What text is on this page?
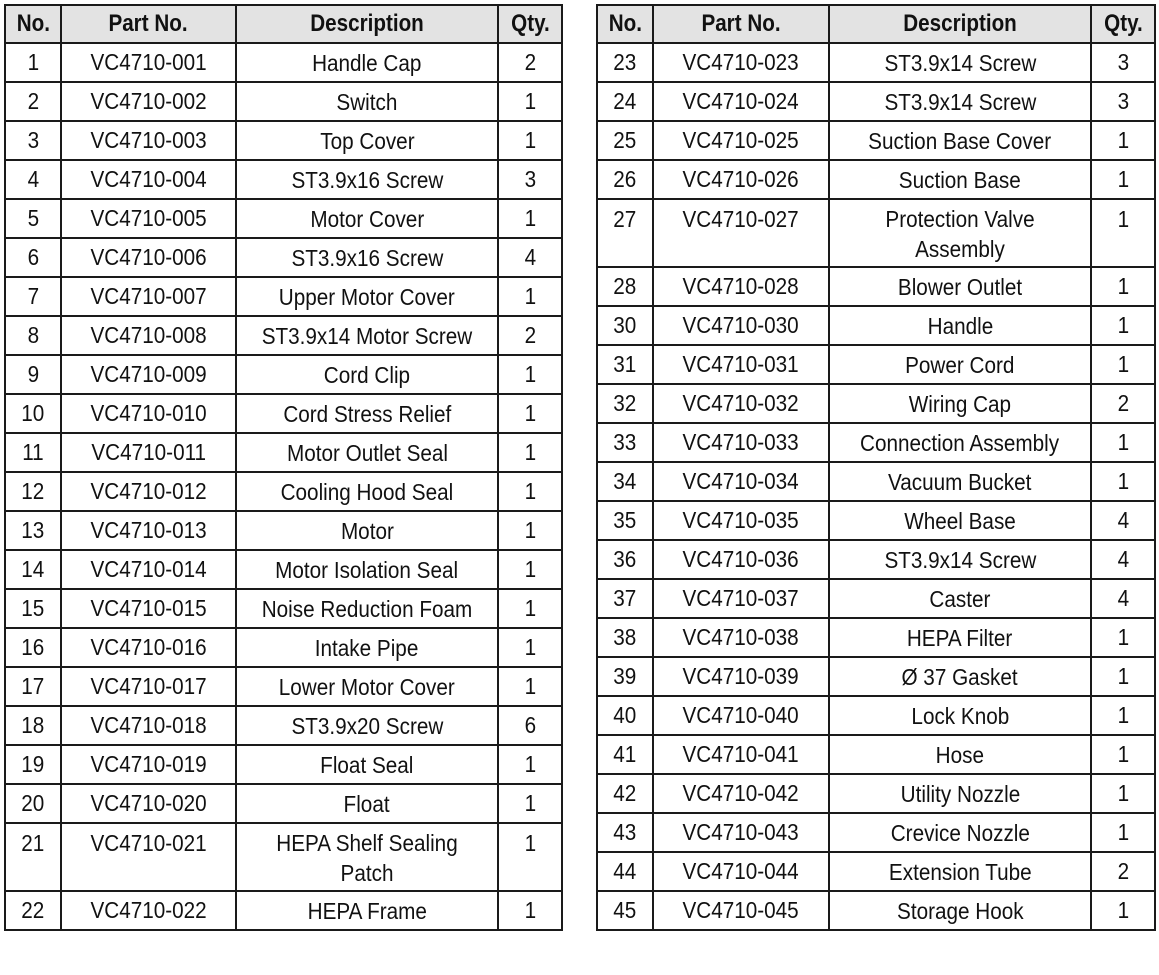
No.	Part No.	Description	Qty.
1	VC4710-001	Handle Cap	2
2	VC4710-002	Switch	1
3	VC4710-003	Top Cover	1
4	VC4710-004	ST3.9x16 Screw	3
5	VC4710-005	Motor Cover	1
6	VC4710-006	ST3.9x16 Screw	4
7	VC4710-007	Upper Motor Cover	1
8	VC4710-008	ST3.9x14 Motor Screw	2
9	VC4710-009	Cord Clip	1
10	VC4710-010	Cord Stress Relief	1
11	VC4710-011	Motor Outlet Seal	1
12	VC4710-012	Cooling Hood Seal	1
13	VC4710-013	Motor	1
14	VC4710-014	Motor Isolation Seal	1
15	VC4710-015	Noise Reduction Foam	1
16	VC4710-016	Intake Pipe	1
17	VC4710-017	Lower Motor Cover	1
18	VC4710-018	ST3.9x20 Screw	6
19	VC4710-019	Float Seal	1
20	VC4710-020	Float	1
21	VC4710-021	HEPA Shelf Sealing Patch	1
22	VC4710-022	HEPA Frame	1
No.	Part No.	Description	Qty.
23	VC4710-023	ST3.9x14 Screw	3
24	VC4710-024	ST3.9x14 Screw	3
25	VC4710-025	Suction Base Cover	1
26	VC4710-026	Suction Base	1
27	VC4710-027	Protection Valve Assembly	1
28	VC4710-028	Blower Outlet	1
30	VC4710-030	Handle	1
31	VC4710-031	Power Cord	1
32	VC4710-032	Wiring Cap	2
33	VC4710-033	Connection Assembly	1
34	VC4710-034	Vacuum Bucket	1
35	VC4710-035	Wheel Base	4
36	VC4710-036	ST3.9x14 Screw	4
37	VC4710-037	Caster	4
38	VC4710-038	HEPA Filter	1
39	VC4710-039	Ø 37 Gasket	1
40	VC4710-040	Lock Knob	1
41	VC4710-041	Hose	1
42	VC4710-042	Utility Nozzle	1
43	VC4710-043	Crevice Nozzle	1
44	VC4710-044	Extension Tube	2
45	VC4710-045	Storage Hook	1
